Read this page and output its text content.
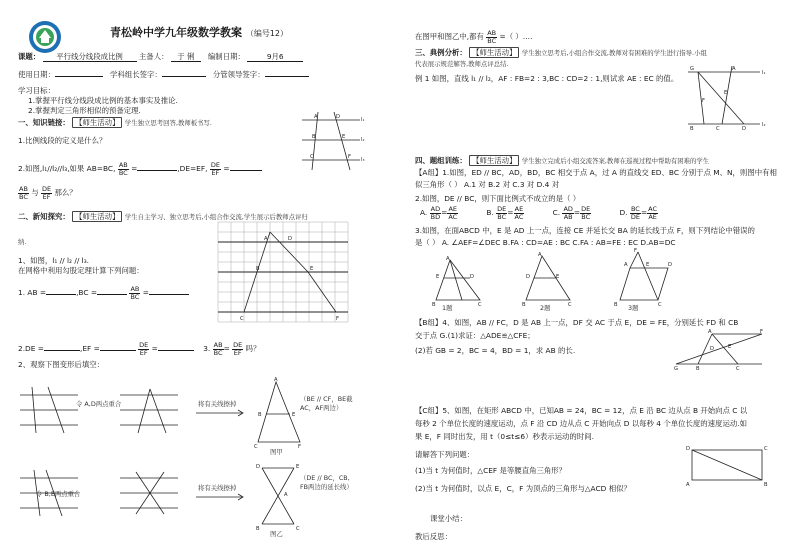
青松岭中学九年级数学教案 （编号12）
课题： 平行线分线段成比例 主备人： 于 俐 编制日期：	9月6
使用日期：	学科组长签字：	分管领导签字：
学习目标：
1.掌握平行线分线段成比例的基本事实及推论.
2.掌握判定三角形相似的预备定理.
一、知识链接： 【师生活动】 学生独立思考回答,教师板书写.
1.比例线段的定义是什么？
2.如图,l₁//l₂//l₃,如果 AB=BC, $\frac{AB}{BC}$ =	,DE=EF, $\frac{DE}{EF}$ =
$\frac{AB}{BC}$ 与 $\frac{DE}{EF}$ 那么？
A	D
B	E
C	F
l₁
l₂
l₃
二、新知探究： 【师生活动】 学生自主学习、独立思考后,小组合作交流,学生展示后教师点评归
纳.
1、如图，l₁ // l₂ // l₃.
在网格中利用勾股定理计算下列问题：
1. AB =	,BC =	$\frac{AB}{BC}$ =
A
B
C
D
E
F
2.DE =	,EF =	$\frac{DE}{EF}$ =	3. $\frac{AB}{BC} = \frac{DE}{EF}$ 吗？
2、观察下图变形后填空：
令 A,D两点重合	将有关线擦掉
A
B	E
C	F
（BE // CF，BE截
AC，AF两边）
图甲
令 B,E两点重合
将有关线擦掉
D	E
A
B	C
（DE // BC，CB,
FB两边的延长线）
图乙
在图甲和图乙中,都有 $\frac{AB}{BC}$ =（ ）.…
三、典例分析： 【师生活动】 学生独立思考后,小组合作交流,教师对有困难的学生进行指导.小组
代表展示规范解答,教师点评总结.
例 1 如图，直线 l₁ // l₂，AF : FB=2 : 3,BC : CD=2 : 1,则试求 AE : EC 的值。
G	A
l₁
F
E
B	C	D
l₂
四、题组训练： 【师生活动】 学生独立完成后小组交流答案,教师在巡视过程中帮助有困难的学生
【A组】1.如图，ED // BC，AD，BD，BC 相交于点 A，过 A 的直线交 ED、BC 分别于点 M、N，则图中有相
似三角形（ ） A.1 对 B.2 对 C.3 对 D.4 对
2.如图，DE // BC，则下面比例式不成立的是（ ）
A. $\frac{AD}{BD} = \frac{AE}{AC}$	B. $\frac{DE}{BC} = \frac{AE}{AC}$	C. $\frac{AD}{AB} = \frac{DE}{BC}$	D. $\frac{BC}{DE} = \frac{AC}{AE}$
3.如图，在面ABCD 中，E 是 AD 上一点，连接 CE 并延长交 BA 的延长线于点 F，则下列结论中错误的
是（ ） A. ∠AEF=∠DEC B.FA : CD=AE : BC C.FA : AB=FE : EC D.AB=DC
A
E	D
B	C
1题
A
D	E
B	C
2题
F
A	E	D
B	C
3题
【B组】4、如图，AB // FC，D 是 AB 上一点，DF 交 AC 于点 E，DE = FE，分别延长 FD 和 CB
交于点 G.(1)求证：△ADE≌△CFE；
(2)若 GB = 2，BC = 4，BD = 1，求 AB 的长.
G	B	C
A	F
D	E
【C组】5、如图，在矩形 ABCD 中，已知AB = 24，BC = 12，点 E 沿 BC 边从点 B 开始向点 C 以
每秒 2 个单位长度的速度运动，点 F 沿 CD 边从点 C 开始向点 D 以每秒 4 个单位长度的速度运动.如
果 E，F 同时出发，用 t（0≤t≤6）秒表示运动的时间.
请解答下列问题：
(1)当 t 为何值时，△CEF 是等腰直角三角形？
(2)当 t 为何值时，以点 E，C，F 为顶点的三角形与△ACD 相似？
D	C
A	B
课堂小结：
教后反思：
